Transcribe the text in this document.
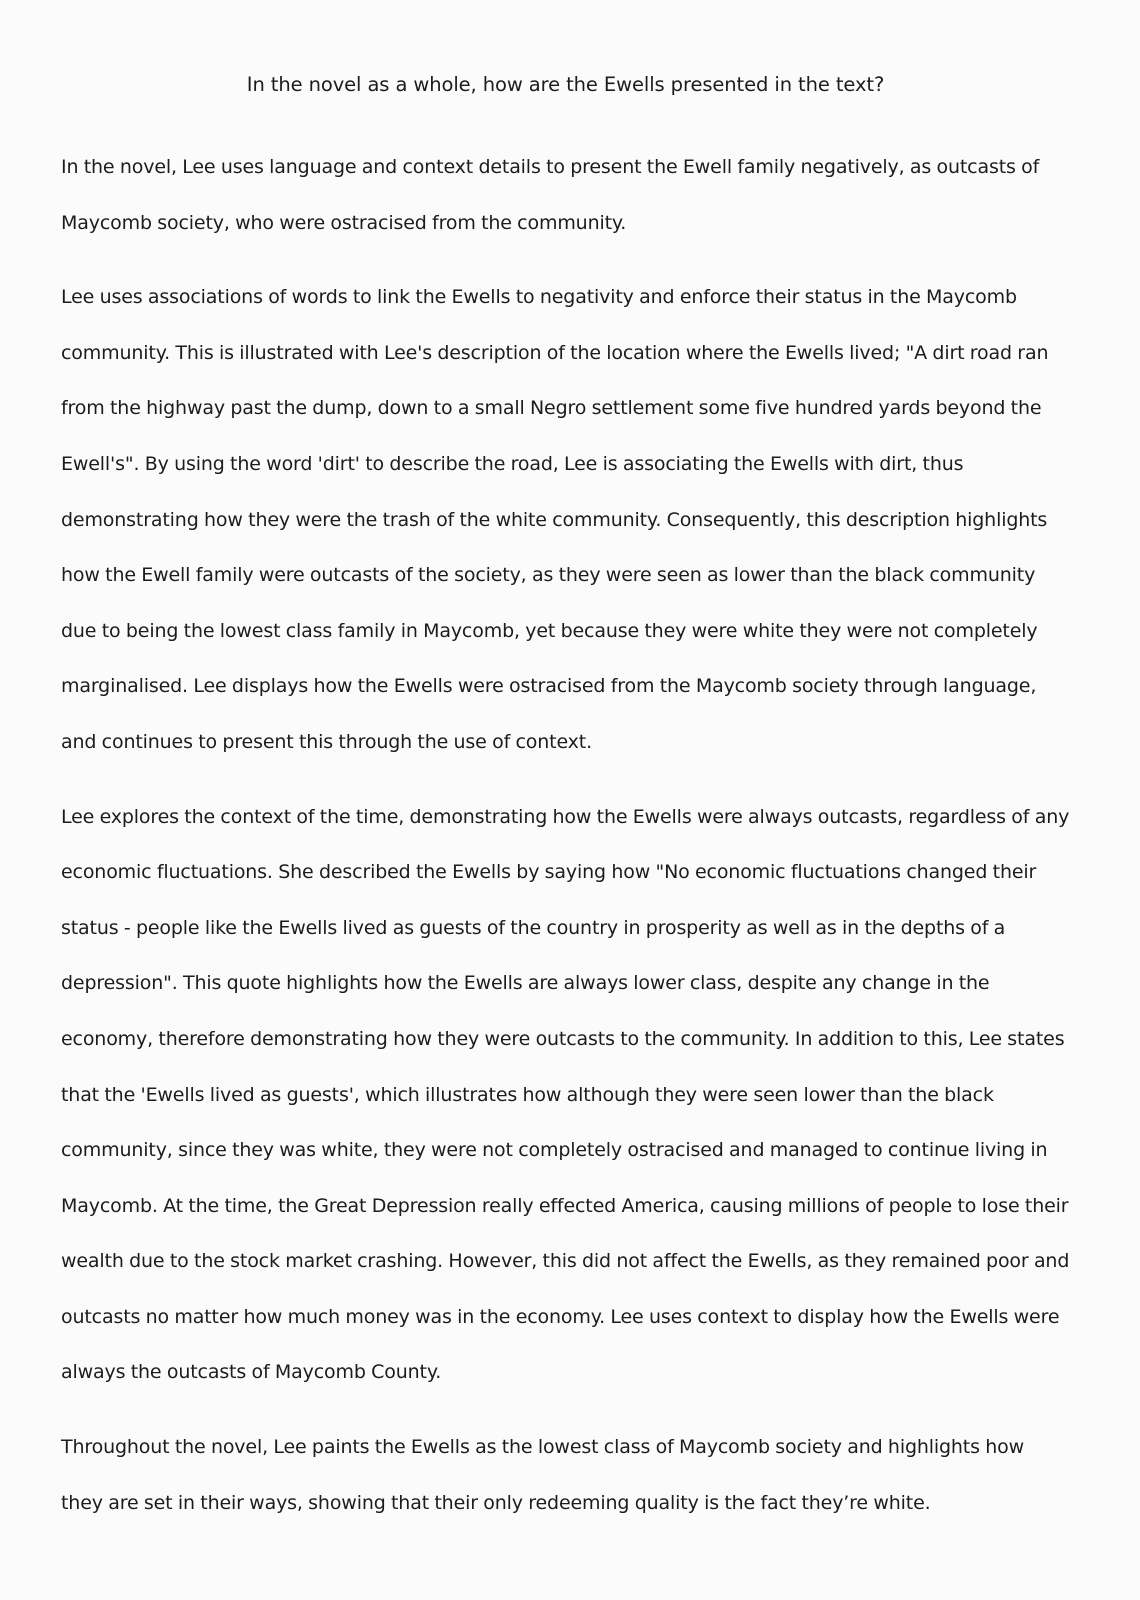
In the novel as a whole, how are the Ewells presented in the text?

In the novel, Lee uses language and context details to present the Ewell family negatively, as outcasts of Maycomb society, who were ostracised from the community.

Lee uses associations of words to link the Ewells to negativity and enforce their status in the Maycomb community. This is illustrated with Lee's description of the location where the Ewells lived; "A dirt road ran from the highway past the dump, down to a small Negro settlement some five hundred yards beyond the Ewell's". By using the word 'dirt' to describe the road, Lee is associating the Ewells with dirt, thus demonstrating how they were the trash of the white community. Consequently, this description highlights how the Ewell family were outcasts of the society, as they were seen as lower than the black community due to being the lowest class family in Maycomb, yet because they were white they were not completely marginalised. Lee displays how the Ewells were ostracised from the Maycomb society through language, and continues to present this through the use of context.

Lee explores the context of the time, demonstrating how the Ewells were always outcasts, regardless of any economic fluctuations. She described the Ewells by saying how "No economic fluctuations changed their status - people like the Ewells lived as guests of the country in prosperity as well as in the depths of a depression". This quote highlights how the Ewells are always lower class, despite any change in the economy, therefore demonstrating how they were outcasts to the community. In addition to this, Lee states that the 'Ewells lived as guests', which illustrates how although they were seen lower than the black community, since they was white, they were not completely ostracised and managed to continue living in Maycomb. At the time, the Great Depression really effected America, causing millions of people to lose their wealth due to the stock market crashing. However, this did not affect the Ewells, as they remained poor and outcasts no matter how much money was in the economy. Lee uses context to display how the Ewells were always the outcasts of Maycomb County.

Throughout the novel, Lee paints the Ewells as the lowest class of Maycomb society and highlights how they are set in their ways, showing that their only redeeming quality is the fact they’re white.
